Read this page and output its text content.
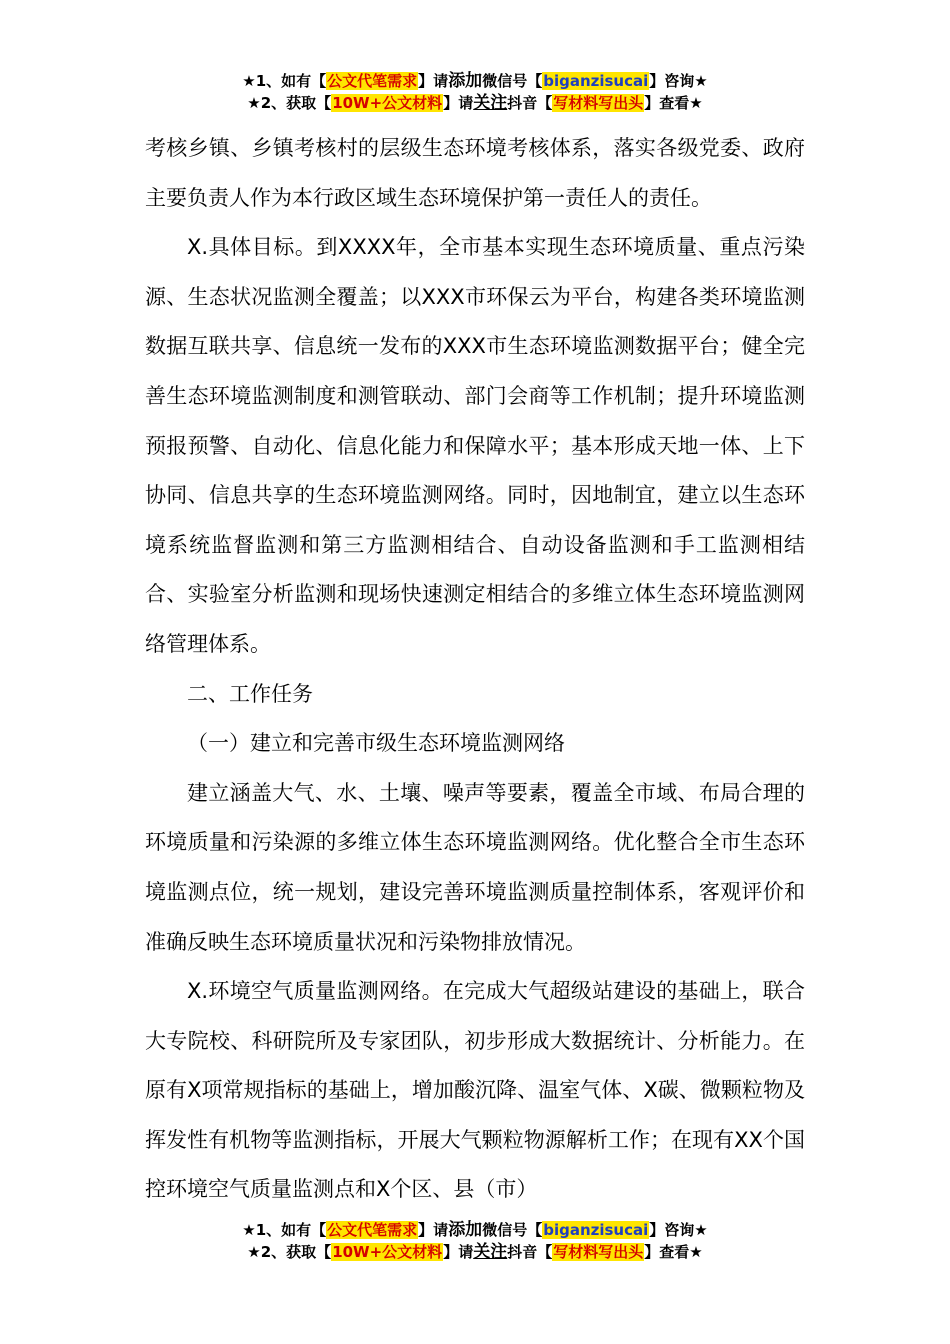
★1、如有【公文代笔需求】请添加微信号【biganzisucai】咨询★
★2、获取【10W+公文材料】请关注抖音【写材料写出头】查看★

考核乡镇、乡镇考核村的层级生态环境考核体系，落实各级党委、政府主要负责人作为本行政区域生态环境保护第一责任人的责任。

X.具体目标。到XXXX年，全市基本实现生态环境质量、重点污染源、生态状况监测全覆盖；以XXX市环保云为平台，构建各类环境监测数据互联共享、信息统一发布的XXX市生态环境监测数据平台；健全完善生态环境监测制度和测管联动、部门会商等工作机制；提升环境监测预报预警、自动化、信息化能力和保障水平；基本形成天地一体、上下协同、信息共享的生态环境监测网络。同时，因地制宜，建立以生态环境系统监督监测和第三方监测相结合、自动设备监测和手工监测相结合、实验室分析监测和现场快速测定相结合的多维立体生态环境监测网络管理体系。

二、工作任务

（一）建立和完善市级生态环境监测网络

建立涵盖大气、水、土壤、噪声等要素，覆盖全市域、布局合理的环境质量和污染源的多维立体生态环境监测网络。优化整合全市生态环境监测点位，统一规划，建设完善环境监测质量控制体系，客观评价和准确反映生态环境质量状况和污染物排放情况。

X.环境空气质量监测网络。在完成大气超级站建设的基础上，联合大专院校、科研院所及专家团队，初步形成大数据统计、分析能力。在原有X项常规指标的基础上，增加酸沉降、温室气体、X碳、微颗粒物及挥发性有机物等监测指标，开展大气颗粒物源解析工作；在现有XX个国控环境空气质量监测点和X个区、县（市）

★1、如有【公文代笔需求】请添加微信号【biganzisucai】咨询★
★2、获取【10W+公文材料】请关注抖音【写材料写出头】查看★
